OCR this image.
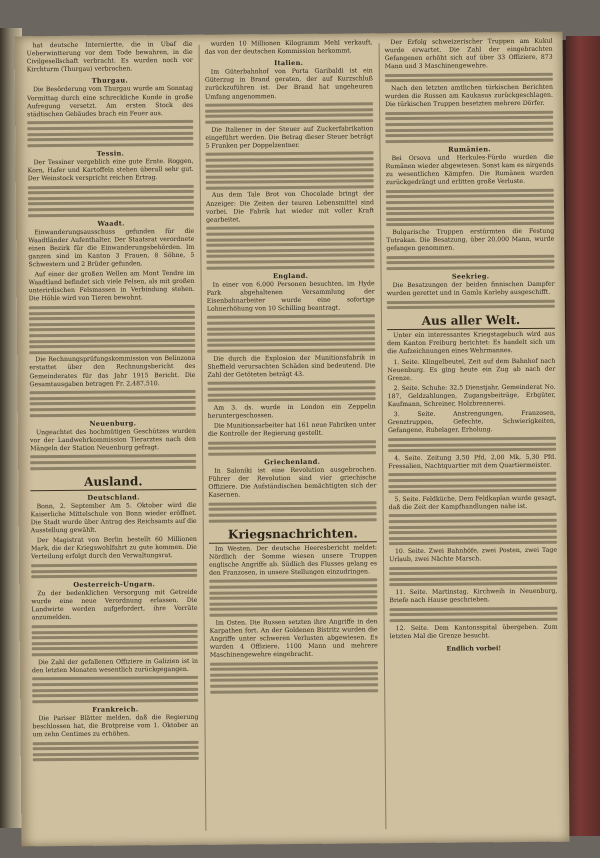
hat deutsche Interniertte, die in Ubaf die Ueberwintterung vor dem Tode bewahren, in die Civilgesellschaft verbracht. Es wurden noch vor Kirchturm (Thurgau) verbrochen.

Thurgau.

Die Besörderung vom Thurgau wurde am Sonntag Vormittag durch eine schreckliche Kunde in große Aufregung versetzt. Am ersten Stock des städtischen Gebäudes brach ein Feuer aus.

Tessin.

Der Tessiner vergeblich eine gute Ernte. Roggen, Korn, Hafer und Kartoffeln stehen überall sehr gut. Der Weinstock verspricht reichen Ertrag.

Waadt.

Einwanderungsausschuss gefunden für die Waadtländer Aufenthalter. Der Staatsrat verordnete einen Bezirk für die Einwanderungsbehörden. Im ganzen sind im Kanton 3 Frauen, 8 Söhne, 5 Schwestern und 2 Brüder gefunden.

Auf einer der großen Wellen am Mont Tendre im Waadtland befindet sich viele Felsen, als mit großen unterirdischen Felsmassen in Verbindung stehen. Die Höhle wird von Tieren bewohnt.

Die Rechnungsprüfungskommission von Belinzona erstattet über den Rechnungsbericht des Gemeinderates für das Jahr 1915 Bericht. Die Gesamtausgaben betragen Fr. 2,487,510.

Neuenburg.

Ungeachtet des hochmütigen Geschützes wurden vor der Landwehrkommission Tierarztes nach den Mängeln der Station Neuenburg gefragt.

Ausland.
Deutschland.

Bonn, 2. September Am 5. Oktober wird die Kaiserliche Mittelschule von Bonn wieder eröffnet. Die Stadt wurde über Antrag des Reichsamts auf die Ausstellung gewählt.

Der Magistrat von Berlin bestellt 60 Millionen Mark, die der Kriegswohlfahrt zu gute kommen. Die Verteilung erfolgt durch den Verwaltungsrat.

Oesterreich-Ungarn.

Zu der bedenklichen Versorgung mit Getreide wurde eine neue Verordnung erlassen. Die Landwirte werden aufgefordert, ihre Vorräte anzumelden.

Die Zahl der gefallenen Offiziere in Galizien ist in den letzten Monaten wesentlich zurückgegangen.

Frankreich.

Die Pariser Blätter melden, daß die Regierung beschlossen hat, die Brotpreise vom 1. Oktober an um zehn Centimes zu erhöhen.

wurden 10 Millionen Kilogramm Mehl verkauft, das von der deutschen Kommission herkommt.

Italien.

Im Güterbahnhof von Porta Garibaldi ist ein Güterzug in Brand geraten, der auf Kurzschluß zurückzuführen ist. Der Brand hat ungeheuren Umfang angenommen.

Die Italiener in der Steuer auf Zuckerfabrikation eingeführt werden. Die Betrag dieser Steuer beträgt 5 Franken per Doppelzentner.

Aus dem Tale Brot von Chocolade bringt der Anzeiger: Die Zeiten der teuren Lebensmittel sind vorbei. Die Fabrik hat wieder mit voller Kraft gearbeitet.

England.

In einer von 6,000 Personen besuchten, im Hyde Park abgehaltenen Versammlung der Eisenbahnarbeiter wurde eine sofortige Lohnerhöhung von 10 Schilling beantragt.

Die durch die Explosion der Munitionsfabrik in Sheffield verursachten Schäden sind bedeutend. Die Zahl der Getöteten beträgt 43.

Am 3. ds. wurde in London ein Zeppelin heruntergeschossen.

Die Munitionsarbeiter hat 161 neue Fabriken unter die Kontrolle der Regierung gestellt.

Griechenland.

In Saloniki ist eine Revolution ausgebrochen. Führer der Revolution sind vier griechische Offiziere. Die Aufständischen bemächtigten sich der Kasernen.

Kriegsnachrichten.

Im Westen. Der deutsche Heeresbericht meldet: Nördlich der Somme wiesen unsere Truppen englische Angriffe ab. Südlich des Flusses gelang es den Franzosen, in unsere Stellungen einzudringen.

Im Osten. Die Russen setzten ihre Angriffe in den Karpathen fort. An der Goldenen Bistritz wurden die Angriffe unter schweren Verlusten abgewiesen. Es wurden 4 Offiziere, 1100 Mann und mehrere Maschinengewehre eingebracht.

Der Erfolg schweizerischer Truppen am Kukul wurde erwartet. Die Zahl der eingebrachten Gefangenen erhöht sich auf über 33 Offiziere, 873 Mann und 3 Maschinengewehre.

Nach den letzten amtlichen türkischen Berichten wurden die Russen am Kaukasus zurückgeschlagen. Die türkischen Truppen besetzten mehrere Dörfer.

Rumänien.

Bei Orsova und Herkules-Fürdo wurden die Rumänen wieder abgewiesen. Sonst kam es nirgends zu wesentlichen Kämpfen. Die Rumänen wurden zurückgedrängt und erlitten große Verluste.

Bulgarische Truppen erstürmten die Festung Tutrakan. Die Besatzung, über 20,000 Mann, wurde gefangen genommen.

Seekrieg.

Die Besatzungen der beiden finnischen Dampfer wurden gerettet und in Gamla Karleby ausgeschifft.

Aus aller Welt.

Unter ein interessantes Kriegstagebuch wird aus dem Kanton Freiburg berichtet: Es handelt sich um die Aufzeichnungen eines Wehrmannes.

1. Seite. Klingelbeutel, Zeit auf dem Bahnhof nach Neuenburg. Es ging heute ein Zug ab nach der Grenze.

2. Seite. Schuhe: 32,5 Dienstjahr, Gemeinderat No. 187, Geldzahlungen, Zugangsbeiträge, Erbgüter, Kaufmann, Schreiner, Holzbrennerei.

3. Seite. Anstrengungen, Franzosen, Grenztruppen, Gefechte, Schwierigkeiten, Gefangene, Ruhelager, Erholung.

4. Seite. Zeitung 3,50 Pfd, 2,00 Mk, 5,30 Pfd. Fressalien, Nachtquartier mit dem Quartiermeister.

5. Seite. Feldküche. Dem Feldkaplan wurde gesagt, daß die Zeit der Kampfhandlungen nahe ist.

10. Seite. Zwei Bahnhöfe, zwei Posten, zwei Tage Urlaub, zwei Nächte Marsch.

11. Seite. Martinstag, Kirchweih in Neuenburg, Briefe nach Hause geschrieben.

12. Seite. Dem Kantonsspital übergeben. Zum letzten Mal die Grenze besucht.

Endlich vorbei!
